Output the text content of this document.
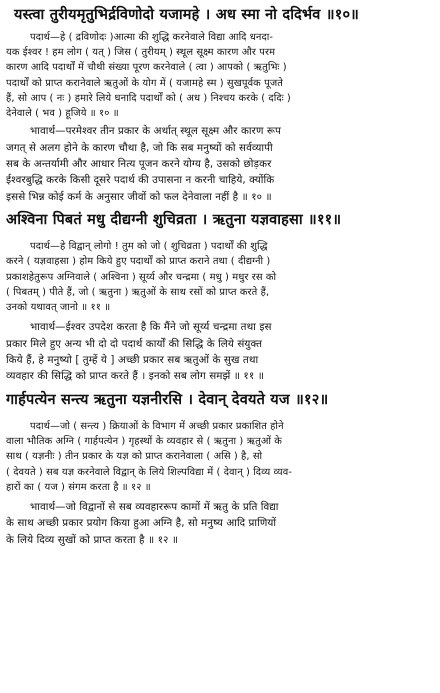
यस्त्वा तुरीयमृतुभिर्द्रविणोदो यजामहे । अध स्मा नो ददिर्भव ॥१०॥
पदार्थ—हे ( द्रविणोदः )आत्मा की शुद्धि करनेवाले विद्या आदि धनदा-
यक ईश्वर ! हम लोग ( यत् ) जिस ( तुरीयम् ) स्थूल सूक्ष्म कारण और परम
कारण आदि पदार्थों में चौथी संख्या पूरण करनेवाले ( त्वा ) आपको ( ऋतुभिः )
पदार्थों को प्राप्त करानेवाले ऋतुओं के योग में ( यजामहे स्म ) सुखपूर्वक पूजते
हैं, सो आप ( नः ) हमारे लिये धनादि पदार्थों को ( अध ) निश्चय करके ( ददिः )
देनेवाले ( भव ) हूजिये ॥ १० ॥
भावार्थ—परमेश्वर तीन प्रकार के अर्थात् स्थूल सूक्ष्म और कारण रूप
जगत् से अलग होने के कारण चौथा है, जो कि सब मनुष्यों को सर्वव्यापी
सब के अन्तर्यामी और आधार नित्य पूजन करने योग्य है, उसको छोड़कर
ईश्वरबुद्धि करके किसी दूसरे पदार्थ की उपासना न करनी चाहिये, क्योंकि
इससे भिन्न कोई कर्म के अनुसार जीवों को फल देनेवाला नहीं है ॥ १० ॥
अश्विना पिबतं मधु दीद्यग्नी शुचिव्रता । ऋतुना यज्ञवाहसा ॥११॥
पदार्थ—हे विद्वान् लोगो ! तुम को जो ( शुचिव्रता ) पदार्थों की शुद्धि
करने ( यज्ञवाहसा ) होम किये हुए पदार्थों को प्राप्त कराने तथा ( दीद्यग्नी )
प्रकाशहेतुरूप अग्निवाले ( अश्विना ) सूर्य्य और चन्द्रमा ( मधु ) मधुर रस को
( पिबतम् ) पीते हैं, जो ( ऋतुना ) ऋतुओं के साथ रसों को प्राप्त करते हैं,
उनको यथावत् जानो ॥ ११ ॥
भावार्थ—ईश्वर उपदेश करता है कि मैंने जो सूर्य्य चन्द्रमा तथा इस
प्रकार मिले हुए अन्य भी दो दो पदार्थ कार्यों की सिद्धि के लिये संयुक्त
किये हैं, हे मनुष्यो [ तुम्हें ये ] अच्छी प्रकार सब ऋतुओं के सुख तथा
व्यवहार की सिद्धि को प्राप्त करते हैं । इनको सब लोग समझें ॥ ११ ॥
गार्हपत्येन सन्त्य ऋतुना यज्ञनीरसि । देवान् देवयते यज ॥१२॥
पदार्थ—जो ( सन्त्य ) क्रियाओं के विभाग में अच्छी प्रकार प्रकाशित होने
वाला भौतिक अग्नि ( गार्हपत्येन ) गृहस्थों के व्यवहार से ( ऋतुना ) ऋतुओं के
साथ ( यज्ञनीः ) तीन प्रकार के यज्ञ को प्राप्त करानेवाला ( असि ) है, सो
( देवयते ) सब यज्ञ करनेवाले विद्वान् के लिये शिल्पविद्या में ( देवान् ) दिव्य व्यव-
हारों का ( यज ) संगम करता है ॥ १२ ॥
भावार्थ—जो विद्वानों से सब व्यवहाररूप कामों में ऋतु के प्रति विद्या
के साथ अच्छी प्रकार प्रयोग किया हुआ अग्नि है, सो मनुष्य आदि प्राणियों
के लिये दिव्य सुखों को प्राप्त करता है ॥ १२ ॥
